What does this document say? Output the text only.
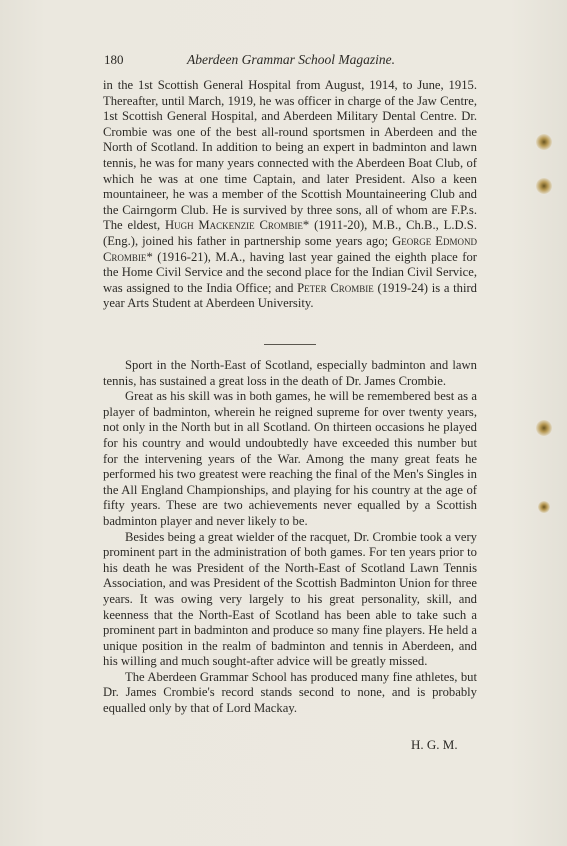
180	Aberdeen Grammar School Magazine.

in the 1st Scottish General Hospital from August, 1914, to June, 1915. Thereafter, until March, 1919, he was officer in charge of the Jaw Centre, 1st Scottish General Hospital, and Aberdeen Military Dental Centre. Dr. Crombie was one of the best all-round sportsmen in Aberdeen and the North of Scotland. In addition to being an expert in badminton and lawn tennis, he was for many years connected with the Aberdeen Boat Club, of which he was at one time Captain, and later President. Also a keen mountaineer, he was a member of the Scottish Mountaineering Club and the Cairngorm Club. He is survived by three sons, all of whom are F.P.s. The eldest, Hugh Mackenzie Crombie* (1911-20), M.B., Ch.B., L.D.S.(Eng.), joined his father in partnership some years ago; George Edmond Crombie* (1916-21), M.A., having last year gained the eighth place for the Home Civil Service and the second place for the Indian Civil Service, was assigned to the India Office; and Peter Crombie (1919-24) is a third year Arts Student at Aberdeen University.

Sport in the North-East of Scotland, especially badminton and lawn tennis, has sustained a great loss in the death of Dr. James Crombie.

Great as his skill was in both games, he will be remembered best as a player of badminton, wherein he reigned supreme for over twenty years, not only in the North but in all Scotland. On thirteen occasions he played for his country and would undoubtedly have exceeded this number but for the intervening years of the War. Among the many great feats he performed his two greatest were reaching the final of the Men's Singles in the All England Championships, and playing for his country at the age of fifty years. These are two achievements never equalled by a Scottish badminton player and never likely to be.

Besides being a great wielder of the racquet, Dr. Crombie took a very prominent part in the administration of both games. For ten years prior to his death he was President of the North-East of Scotland Lawn Tennis Association, and was President of the Scottish Badminton Union for three years. It was owing very largely to his great personality, skill, and keenness that the North-East of Scotland has been able to take such a prominent part in badminton and produce so many fine players. He held a unique position in the realm of badminton and tennis in Aberdeen, and his willing and much sought-after advice will be greatly missed.

The Aberdeen Grammar School has produced many fine athletes, but Dr. James Crombie's record stands second to none, and is probably equalled only by that of Lord Mackay.

H. G. M.
